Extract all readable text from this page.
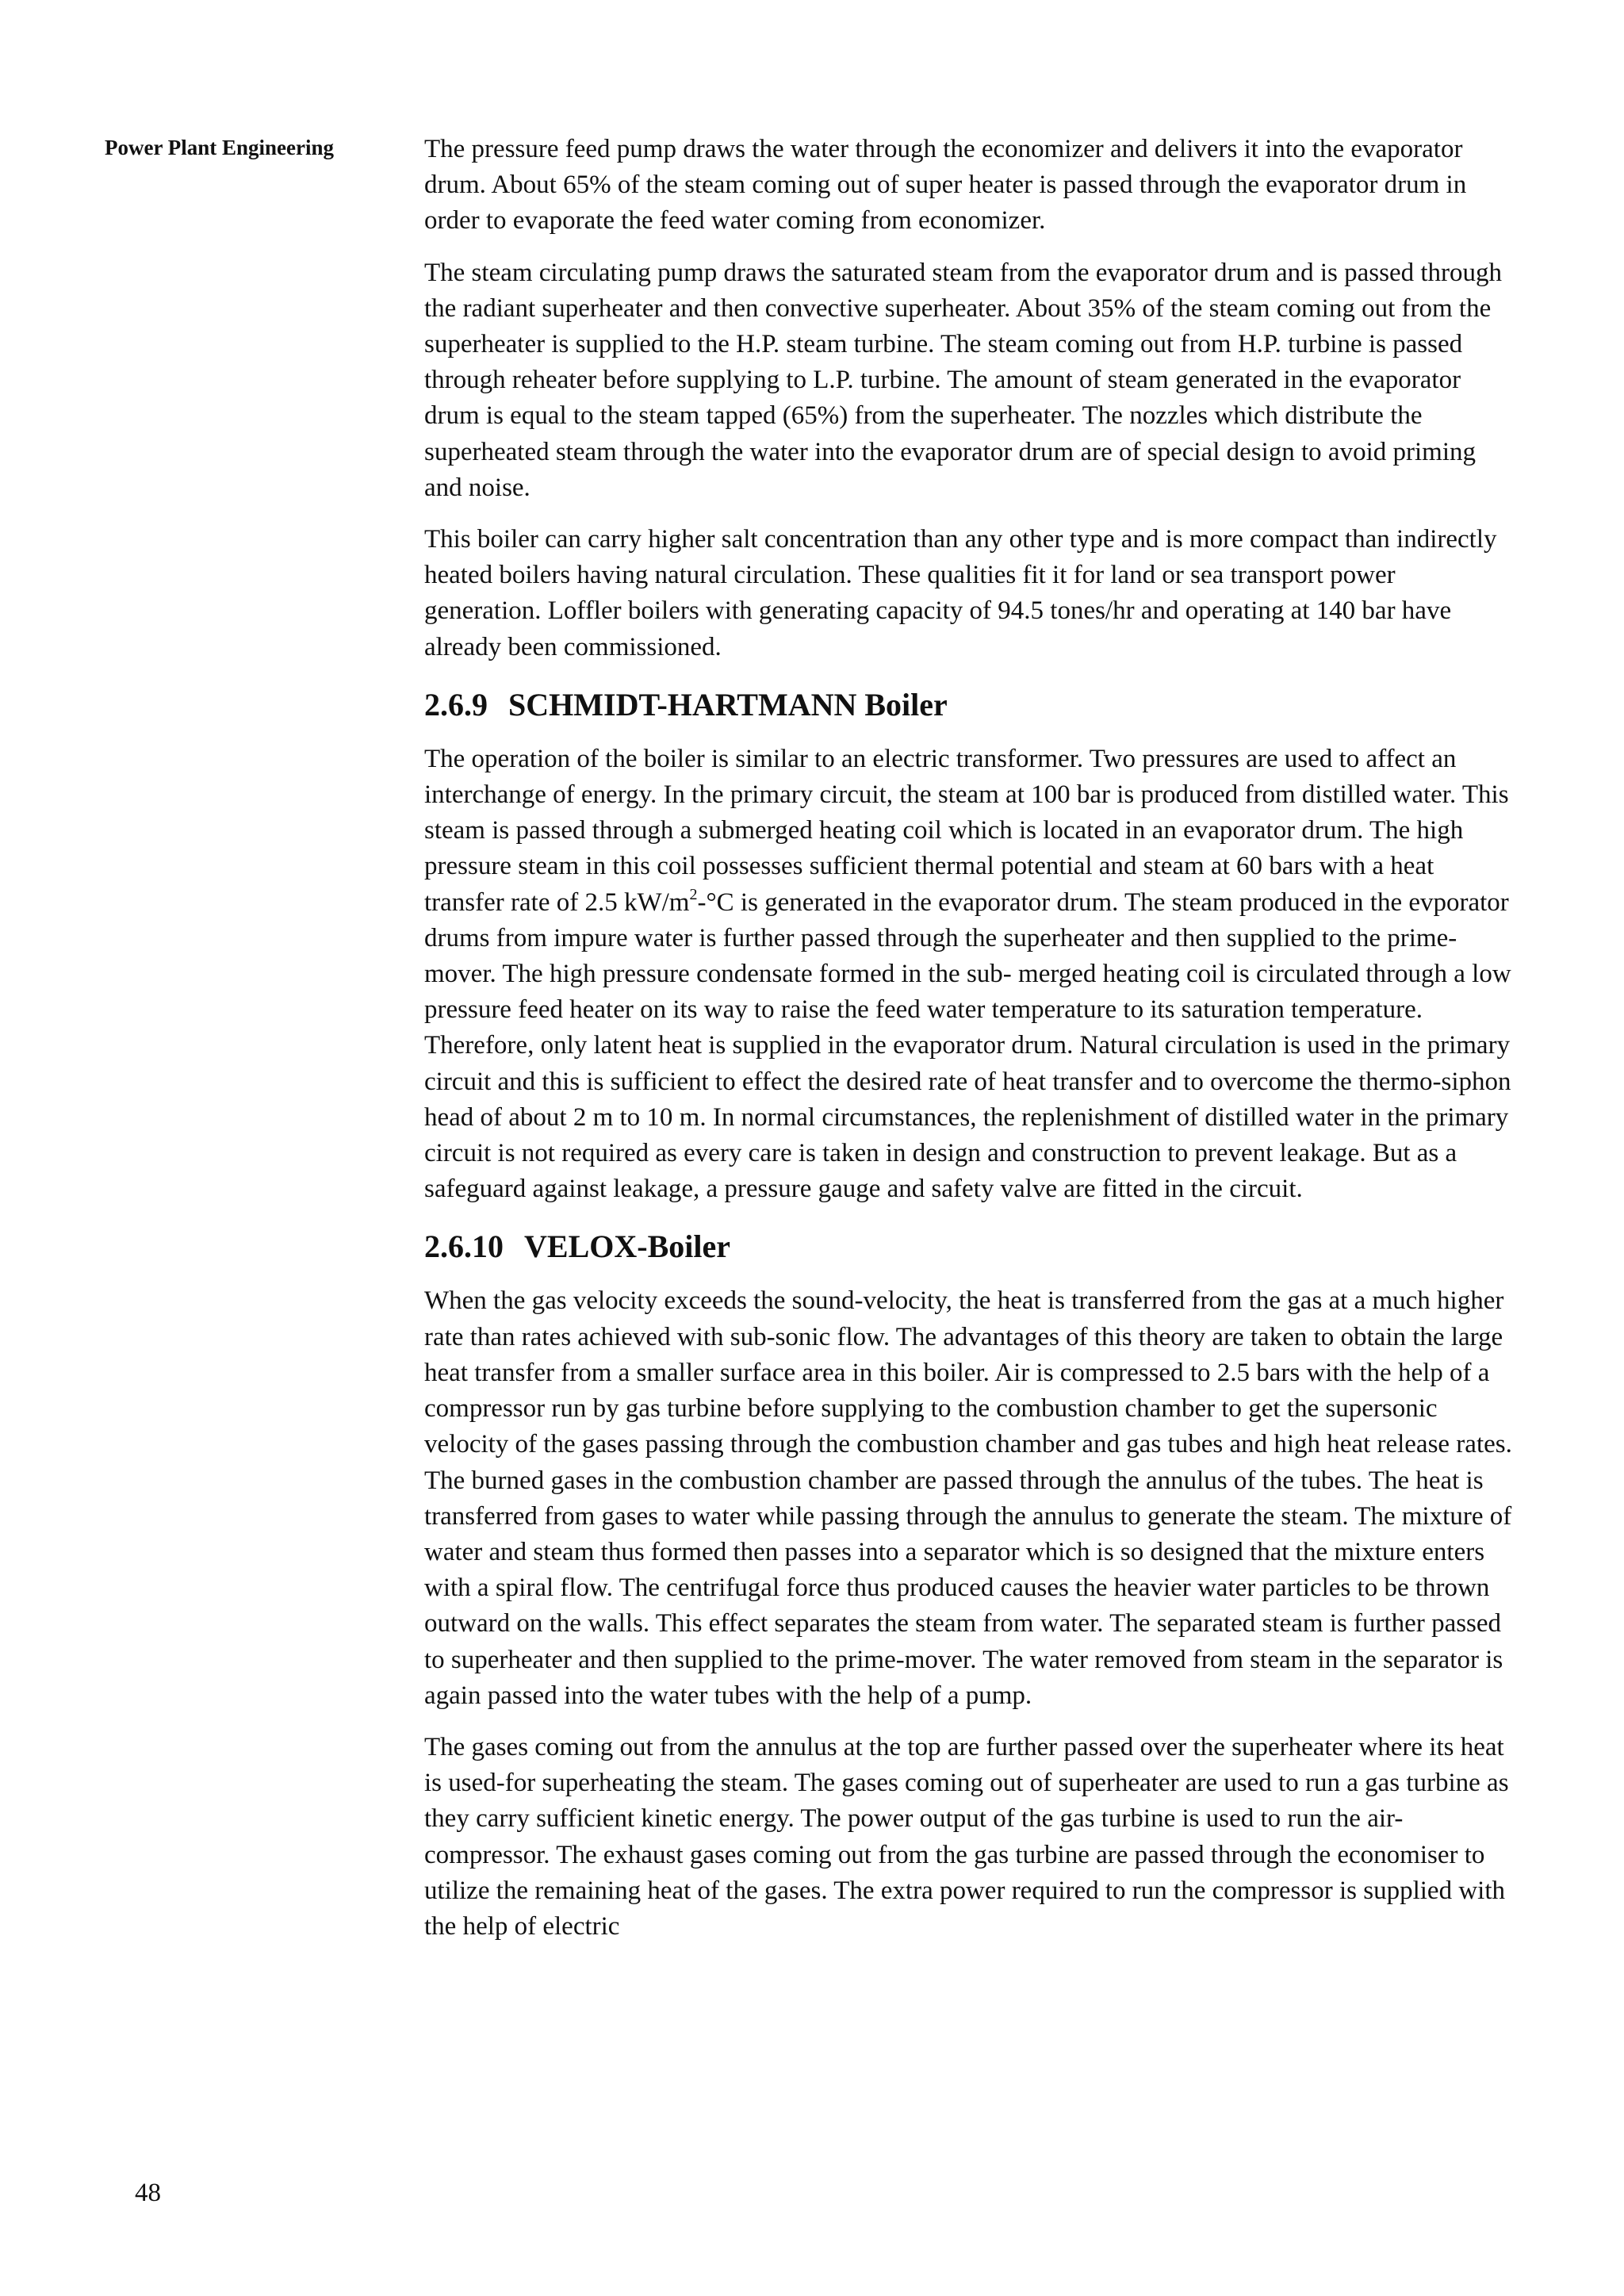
Power Plant Engineering	The pressure feed pump draws the water through the economizer and delivers it into the evaporator drum. About 65% of the steam coming out of super heater is passed through the evaporator drum in order to evaporate the feed water coming from economizer.

The steam circulating pump draws the saturated steam from the evaporator drum and is passed through the radiant superheater and then convective superheater. About 35% of the steam coming out from the superheater is supplied to the H.P. steam turbine. The steam coming out from H.P. turbine is passed through reheater before supplying to L.P. turbine. The amount of steam generated in the evaporator drum is equal to the steam tapped (65%) from the superheater. The nozzles which distribute the superheated steam through the water into the evaporator drum are of special design to avoid priming and noise.

This boiler can carry higher salt concentration than any other type and is more compact than indirectly heated boilers having natural circulation. These qualities fit it for land or sea transport power generation. Loffler boilers with generating capacity of 94.5 tones/hr and operating at 140 bar have already been commissioned.

2.6.9 SCHMIDT-HARTMANN Boiler

The operation of the boiler is similar to an electric transformer. Two pressures are used to affect an interchange of energy. In the primary circuit, the steam at 100 bar is produced from distilled water. This steam is passed through a submerged heating coil which is located in an evaporator drum. The high pressure steam in this coil possesses sufficient thermal potential and steam at 60 bars with a heat transfer rate of 2.5 $kW/m^2-^\circ C$ is generated in the evaporator drum. The steam produced in the evporator drums from impure water is further passed through the superheater and then supplied to the prime-mover. The high pressure condensate formed in the sub- merged heating coil is circulated through a low pressure feed heater on its way to raise the feed water temperature to its saturation temperature. Therefore, only latent heat is supplied in the evaporator drum. Natural circulation is used in the primary circuit and this is sufficient to effect the desired rate of heat transfer and to overcome the thermo-siphon head of about 2 m to 10 m. In normal circumstances, the replenishment of distilled water in the primary circuit is not required as every care is taken in design and construction to prevent leakage. But as a safeguard against leakage, a pressure gauge and safety valve are fitted in the circuit.

2.6.10 VELOX-Boiler

When the gas velocity exceeds the sound-velocity, the heat is transferred from the gas at a much higher rate than rates achieved with sub-sonic flow. The advantages of this theory are taken to obtain the large heat transfer from a smaller surface area in this boiler. Air is compressed to 2.5 bars with the help of a compressor run by gas turbine before supplying to the combustion chamber to get the supersonic velocity of the gases passing through the combustion chamber and gas tubes and high heat release rates. The burned gases in the combustion chamber are passed through the annulus of the tubes. The heat is transferred from gases to water while passing through the annulus to generate the steam. The mixture of water and steam thus formed then passes into a separator which is so designed that the mixture enters with a spiral flow. The centrifugal force thus produced causes the heavier water particles to be thrown outward on the walls. This effect separates the steam from water. The separated steam is further passed to superheater and then supplied to the prime-mover. The water removed from steam in the separator is again passed into the water tubes with the help of a pump.

The gases coming out from the annulus at the top are further passed over the superheater where its heat is used-for superheating the steam. The gases coming out of superheater are used to run a gas turbine as they carry sufficient kinetic energy. The power output of the gas turbine is used to run the air-compressor. The exhaust gases coming out from the gas turbine are passed through the economiser to utilize the remaining heat of the gases. The extra power required to run the compressor is supplied with the help of electric

48
